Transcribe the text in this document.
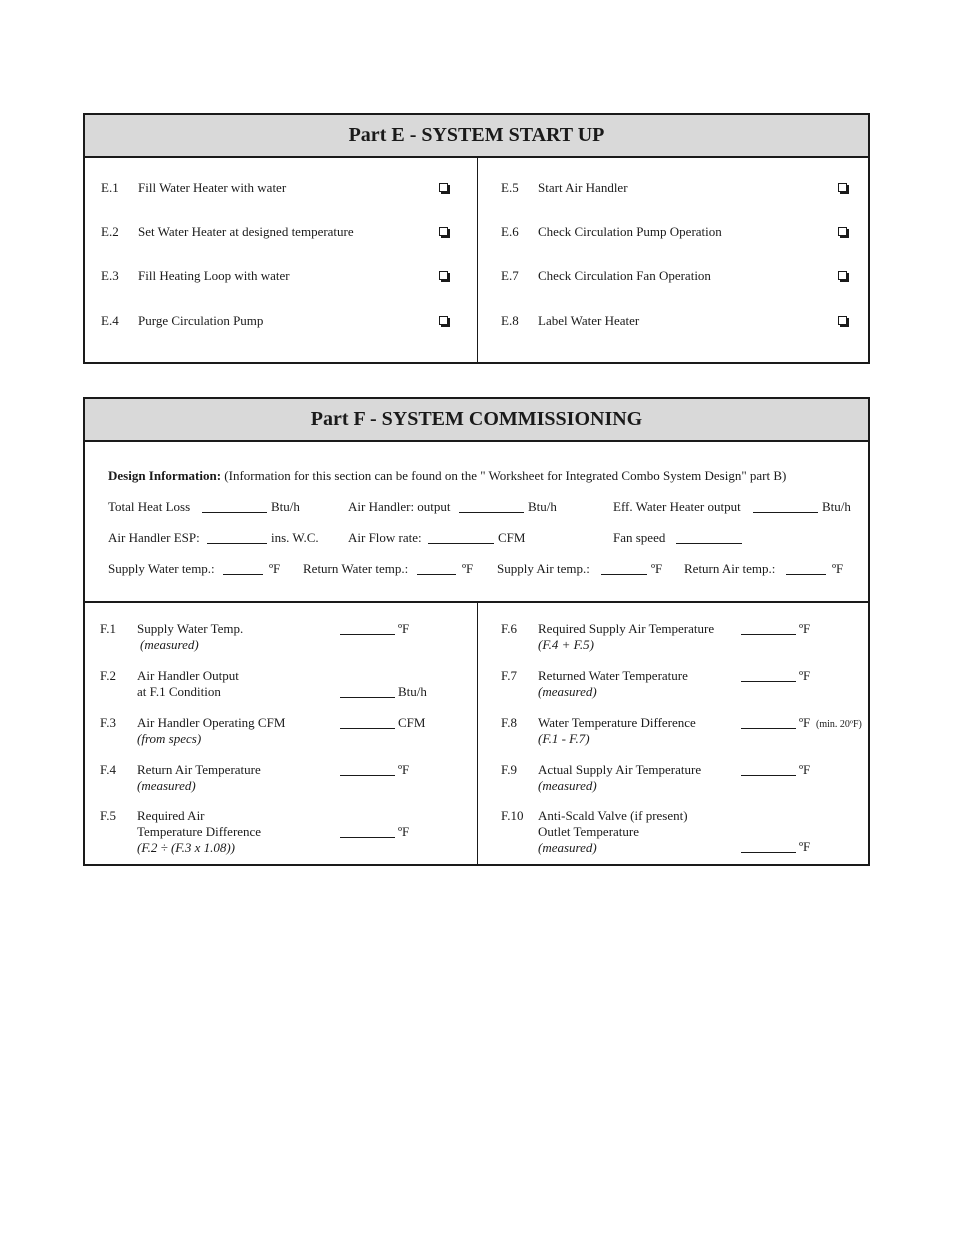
Part E - SYSTEM START UP
E.1 Fill Water Heater with water
E.2 Set Water Heater at designed temperature
E.3 Fill Heating Loop with water
E.4 Purge Circulation Pump
E.5 Start Air Handler
E.6 Check Circulation Pump Operation
E.7 Check Circulation Fan Operation
E.8 Label Water Heater
Part F - SYSTEM COMMISSIONING
Design Information: (Information for this section can be found on the " Worksheet for Integrated Combo System Design" part B)
Total Heat Loss	Btu/h	Air Handler: output	Btu/h	Eff. Water Heater output	Btu/h
Air Handler ESP:	ins. W.C. Air Flow rate:	CFM	Fan speed
Supply Water temp.:	ºF Return Water temp.:	ºF Supply Air temp.:	ºF Return Air temp.:	ºF
F.1 Supply Water Temp.
(measured)
ºF
F.2 Air Handler Output
at F.1 Condition	Btu/h
F.3 Air Handler Operating CFM
(from specs)
CFM
F.4 Return Air Temperature
(measured)
ºF
F.5 Required Air
Temperature Difference
(F.2 ÷ (F.3 x 1.08))
ºF
F.6 Required Supply Air Temperature
(F.4 + F.5)
ºF
F.7 Returned Water Temperature
(measured)
ºF
F.8 Water Temperature Difference
(F.1 - F.7)
ºF (min. 20ºF)
F.9 Actual Supply Air Temperature
(measured)
ºF
F.10 Anti-Scald Valve (if present)
Outlet Temperature
(measured)	ºF
